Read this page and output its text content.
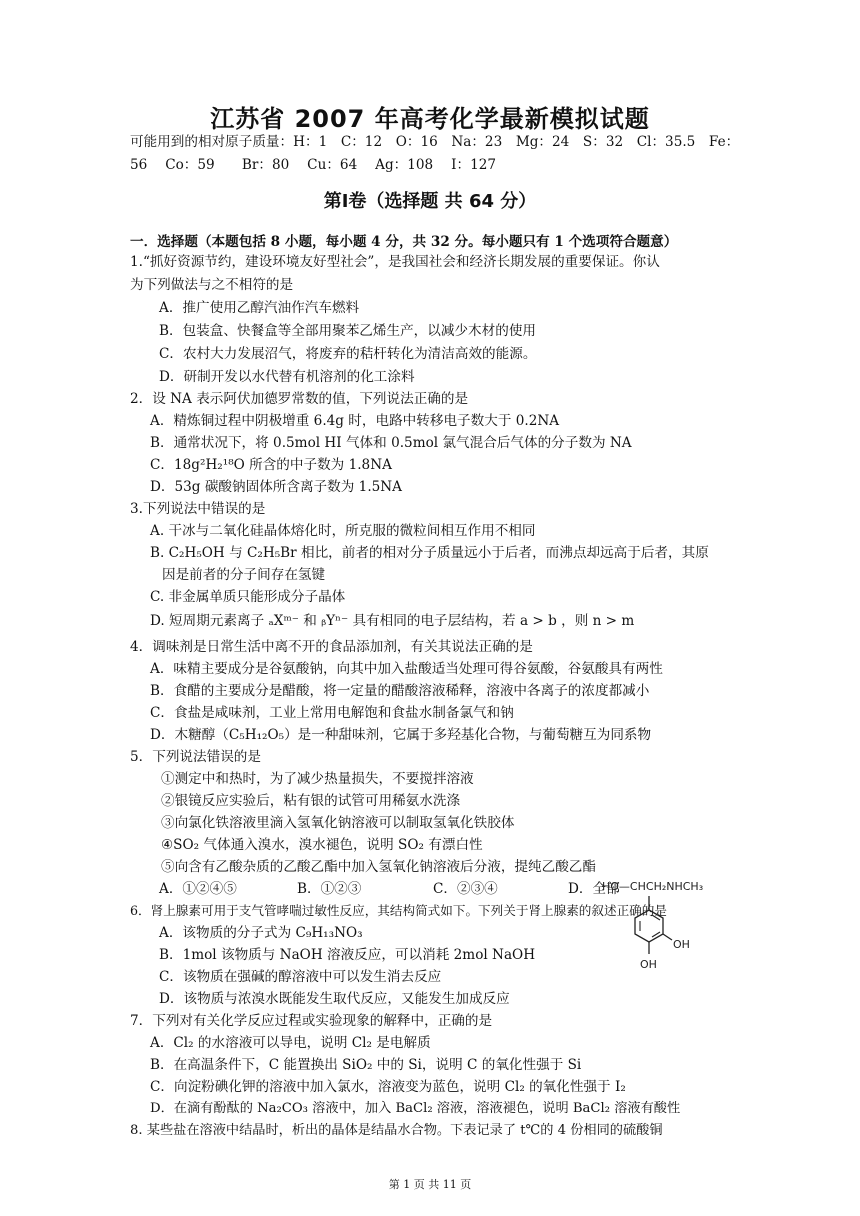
江苏省 2007 年高考化学最新模拟试题
可能用到的相对原子质量：H：1　C：12　O：16　Na：23　Mg：24　S：32　Cl：35.5　Fe：
56　 Co：59　　Br：80　 Cu：64　 Ag：108　 I：127
第Ⅰ卷（选择题 共 64 分）
一．选择题（本题包括 8 小题，每小题 4 分，共 32 分。每小题只有 1 个选项符合题意）
1.“抓好资源节约，建设环境友好型社会”，是我国社会和经济长期发展的重要保证。你认
为下列做法与之不相符的是
A．推广使用乙醇汽油作汽车燃料
B．包装盒、快餐盒等全部用聚苯乙烯生产，以减少木材的使用
C．农村大力发展沼气，将废弃的秸杆转化为清洁高效的能源。
D．研制开发以水代替有机溶剂的化工涂料
2．设 NA 表示阿伏加德罗常数的值，下列说法正确的是
A．精炼铜过程中阴极增重 6.4g 时，电路中转移电子数大于 0.2NA
B．通常状况下，将 0.5mol HI 气体和 0.5mol 氯气混合后气体的分子数为 NA
C．18g²H₂¹⁸O 所含的中子数为 1.8NA
D．53g 碳酸钠固体所含离子数为 1.5NA
3.下列说法中错误的是
A. 干冰与二氧化硅晶体熔化时，所克服的微粒间相互作用不相同
B. C₂H₅OH 与 C₂H₅Br 相比，前者的相对分子质量远小于后者，而沸点却远高于后者，其原
因是前者的分子间存在氢键
C. 非金属单质只能形成分子晶体
D. 短周期元素离子 ₐXᵐ⁻ 和 ᵦYⁿ⁻ 具有相同的电子层结构，若 a > b ，则 n > m
4．调味剂是日常生活中离不开的食品添加剂，有关其说法正确的是
A．味精主要成分是谷氨酸钠，向其中加入盐酸适当处理可得谷氨酸，谷氨酸具有两性
B．食醋的主要成分是醋酸，将一定量的醋酸溶液稀释，溶液中各离子的浓度都减小
C．食盐是咸味剂，工业上常用电解饱和食盐水制备氯气和钠
D．木糖醇（C₅H₁₂O₅）是一种甜味剂，它属于多羟基化合物，与葡萄糖互为同系物
5．下列说法错误的是
①测定中和热时，为了减少热量损失，不要搅拌溶液
②银镜反应实验后，粘有银的试管可用稀氨水洗涤
③向氯化铁溶液里滴入氢氧化钠溶液可以制取氢氧化铁胶体
④SO₂ 气体通入溴水，溴水褪色，说明 SO₂ 有漂白性
⑤向含有乙酸杂质的乙酸乙酯中加入氢氧化钠溶液后分液，提纯乙酸乙酯
A．①②④⑤	B．①②③	C．②③④	D．全部
6．肾上腺素可用于支气管哮喘过敏性反应，其结构简式如下。下列关于肾上腺素的叙述正确的是
A．该物质的分子式为 C₉H₁₃NO₃
B．1mol 该物质与 NaOH 溶液反应，可以消耗 2mol NaOH
C．该物质在强碱的醇溶液中可以发生消去反应
D．该物质与浓溴水既能发生取代反应，又能发生加成反应
HO—CHCH₂NHCH₃
OH
OH
7．下列对有关化学反应过程或实验现象的解释中，正确的是
A．Cl₂ 的水溶液可以导电，说明 Cl₂ 是电解质
B．在高温条件下，C 能置换出 SiO₂ 中的 Si，说明 C 的氧化性强于 Si
C．向淀粉碘化钾的溶液中加入氯水，溶液变为蓝色，说明 Cl₂ 的氧化性强于 I₂
D．在滴有酚酞的 Na₂CO₃ 溶液中，加入 BaCl₂ 溶液，溶液褪色，说明 BaCl₂ 溶液有酸性
8. 某些盐在溶液中结晶时，析出的晶体是结晶水合物。下表记录了 t℃的 4 份相同的硫酸铜
第 1 页 共 11 页
